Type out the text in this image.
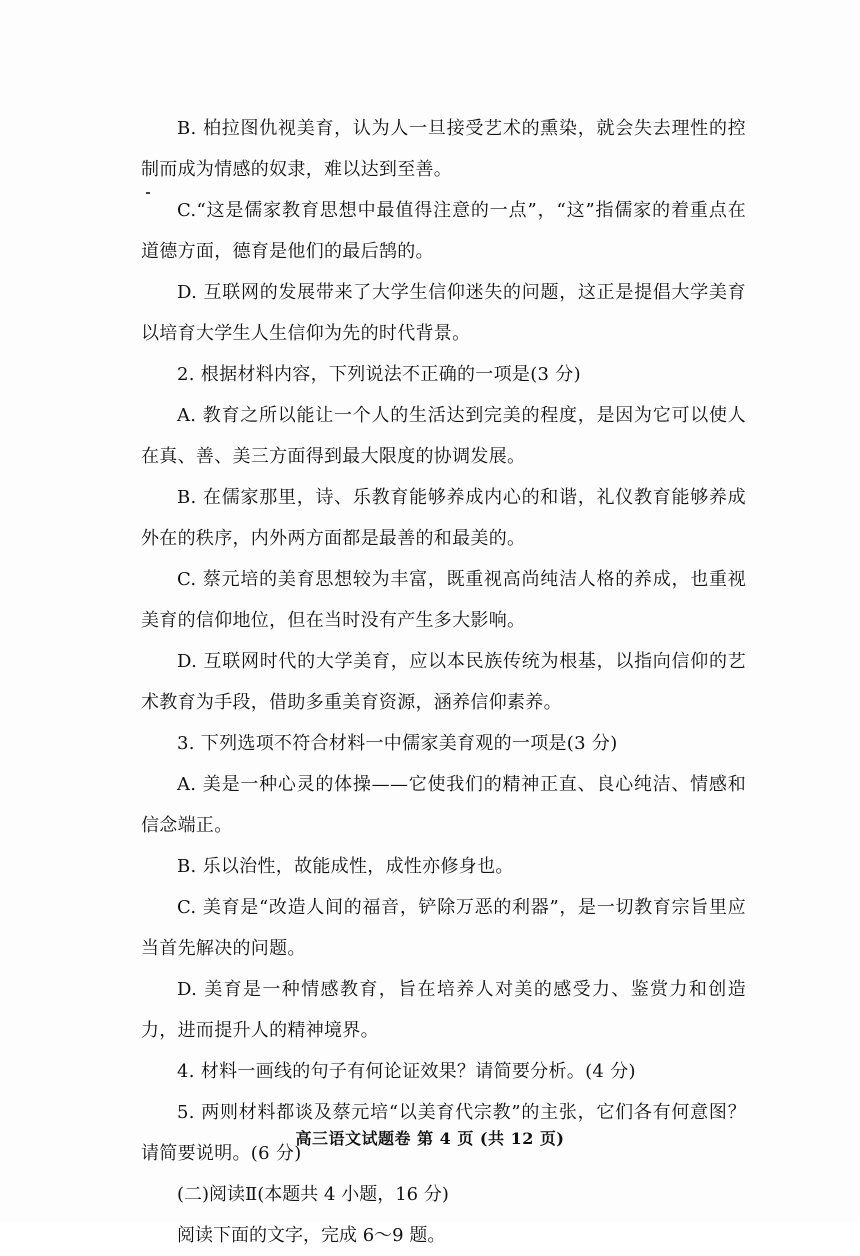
B. 柏拉图仇视美育，认为人一旦接受艺术的熏染，就会失去理性的控制而成为情感的奴隶，难以达到至善。

C.“这是儒家教育思想中最值得注意的一点”，“这”指儒家的着重点在道德方面，德育是他们的最后鹄的。

D. 互联网的发展带来了大学生信仰迷失的问题，这正是提倡大学美育以培育大学生人生信仰为先的时代背景。

2. 根据材料内容，下列说法不正确的一项是(3 分)

A. 教育之所以能让一个人的生活达到完美的程度，是因为它可以使人在真、善、美三方面得到最大限度的协调发展。

B. 在儒家那里，诗、乐教育能够养成内心的和谐，礼仪教育能够养成外在的秩序，内外两方面都是最善的和最美的。

C. 蔡元培的美育思想较为丰富，既重视高尚纯洁人格的养成，也重视美育的信仰地位，但在当时没有产生多大影响。

D. 互联网时代的大学美育，应以本民族传统为根基，以指向信仰的艺术教育为手段，借助多重美育资源，涵养信仰素养。

3. 下列选项不符合材料一中儒家美育观的一项是(3 分)

A. 美是一种心灵的体操——它使我们的精神正直、良心纯洁、情感和信念端正。

B. 乐以治性，故能成性，成性亦修身也。

C. 美育是“改造人间的福音，铲除万恶的利器”，是一切教育宗旨里应当首先解决的问题。

D. 美育是一种情感教育，旨在培养人对美的感受力、鉴赏力和创造力，进而提升人的精神境界。

4. 材料一画线的句子有何论证效果？请简要分析。(4 分)

5. 两则材料都谈及蔡元培“以美育代宗教”的主张，它们各有何意图？请简要说明。(6 分)

(二)阅读Ⅱ(本题共 4 小题，16 分)

阅读下面的文字，完成 6～9 题。

高三语文试题卷 第 4 页 (共 12 页)
